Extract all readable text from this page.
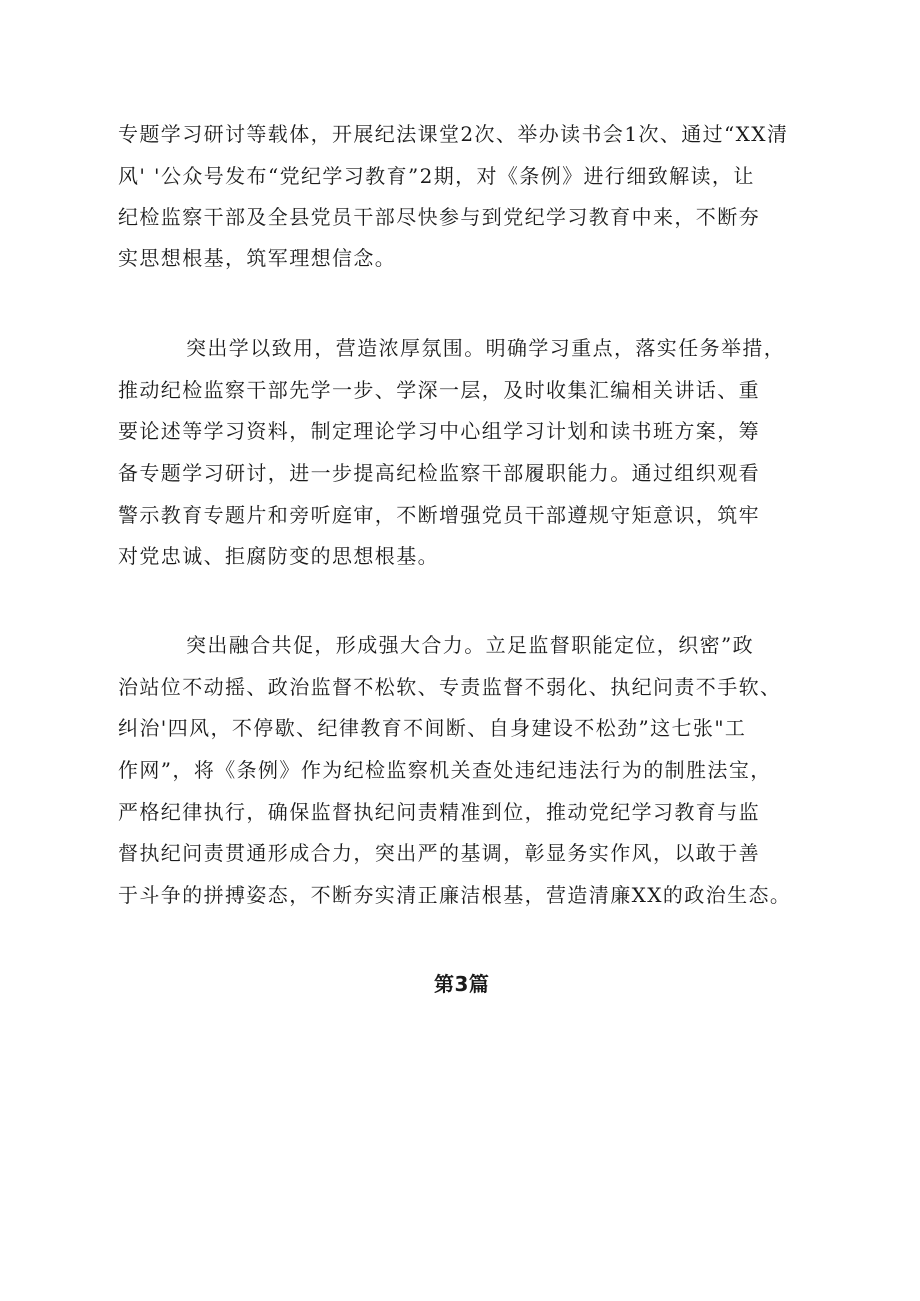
专题学习研讨等载体，开展纪法课堂2次、举办读书会1次、通过“XX清
风' '公众号发布“党纪学习教育”2期，对《条例》进行细致解读，让
纪检监察干部及全县党员干部尽快参与到党纪学习教育中来，不断夯
实思想根基，筑军理想信念。
突出学以致用，营造浓厚氛围。明确学习重点，落实任务举措，
推动纪检监察干部先学一步、学深一层，及时收集汇编相关讲话、重
要论述等学习资料，制定理论学习中心组学习计划和读书班方案，筹
备专题学习研讨，进一步提高纪检监察干部履职能力。通过组织观看
警示教育专题片和旁听庭审，不断增强党员干部遵规守矩意识，筑牢
对党忠诚、拒腐防变的思想根基。
突出融合共促，形成强大合力。立足监督职能定位，织密”政
治站位不动摇、政治监督不松软、专责监督不弱化、执纪问责不手软、
纠治'四风，不停歇、纪律教育不间断、自身建设不松劲”这七张"工
作网”，将《条例》作为纪检监察机关查处违纪违法行为的制胜法宝，
严格纪律执行，确保监督执纪问责精准到位，推动党纪学习教育与监
督执纪问责贯通形成合力，突出严的基调，彰显务实作风，以敢于善
于斗争的拼搏姿态，不断夯实清正廉洁根基，营造清廉XX的政治生态。
第3篇
